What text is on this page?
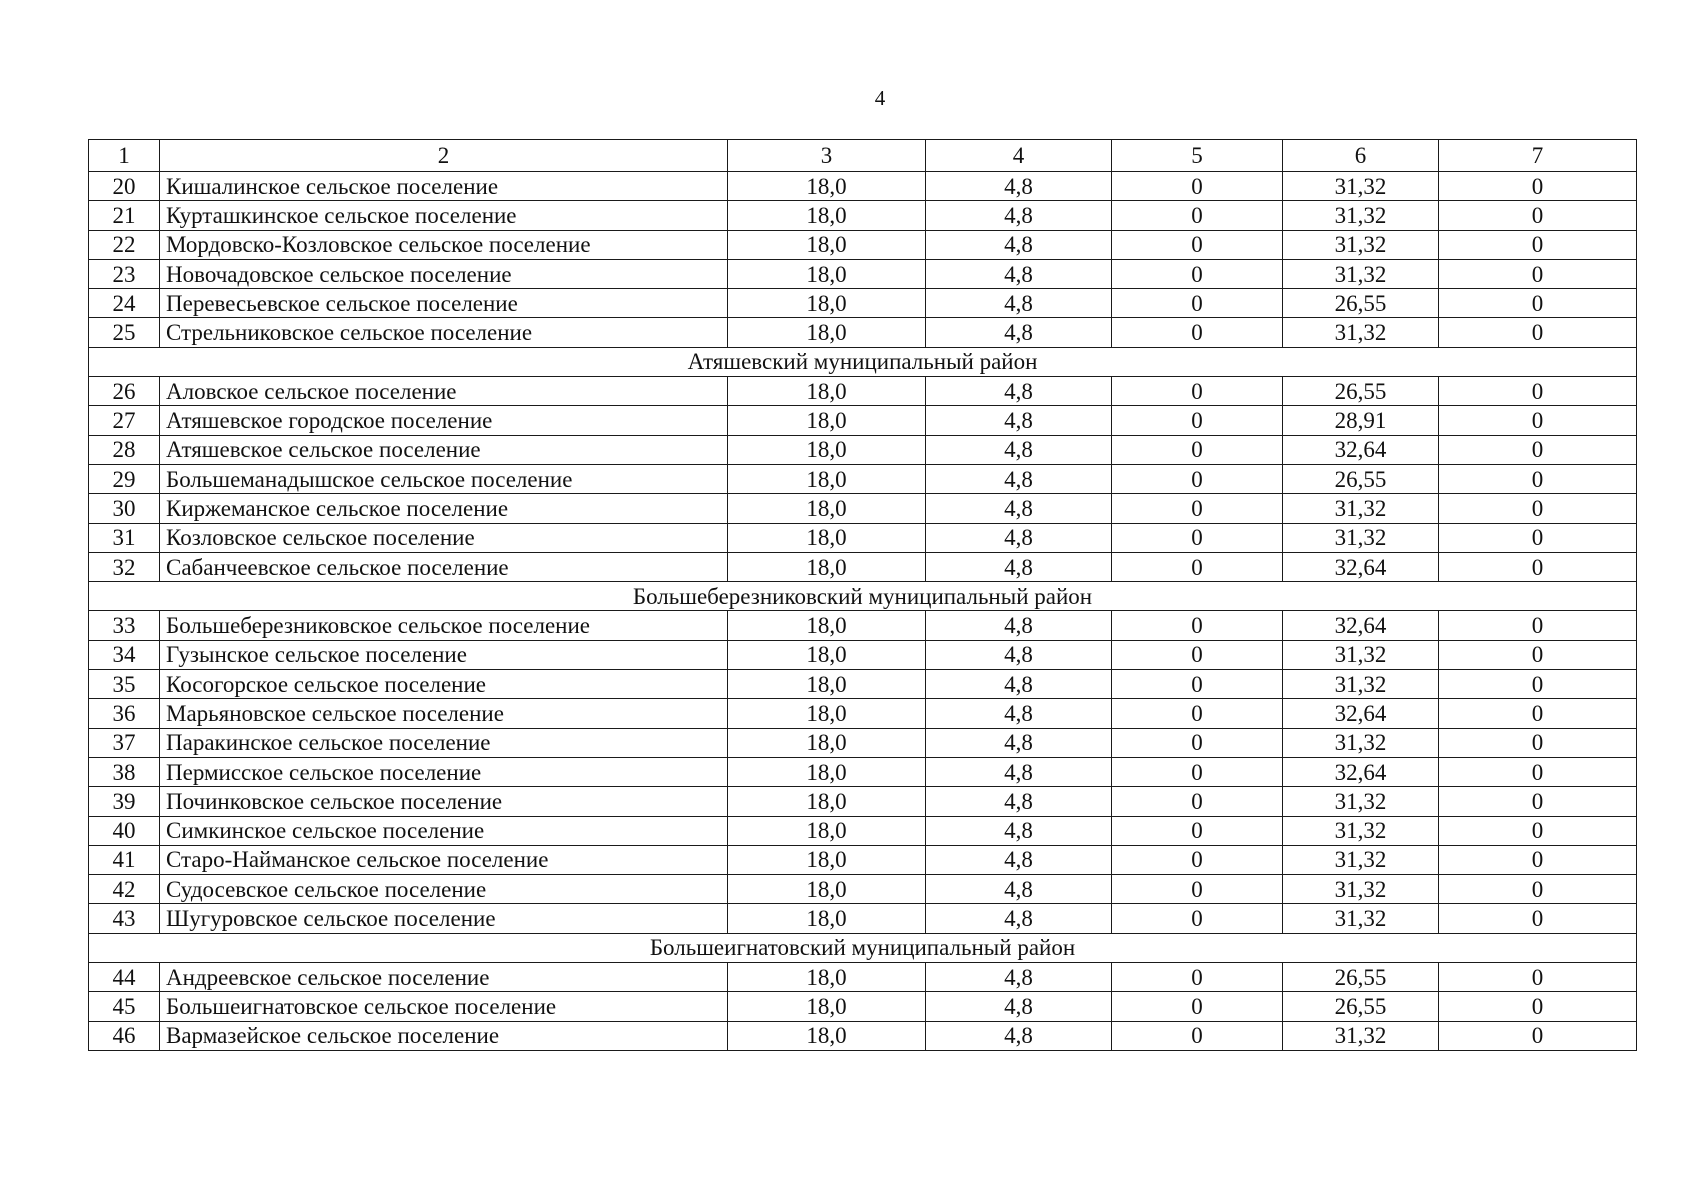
4
1	2	3	4	5	6	7
20	Кишалинское сельское поселение	18,0	4,8	0	31,32	0
21	Курташкинское сельское поселение	18,0	4,8	0	31,32	0
22	Мордовско-Козловское сельское поселение	18,0	4,8	0	31,32	0
23	Новочадовское сельское поселение	18,0	4,8	0	31,32	0
24	Перевесьевское сельское поселение	18,0	4,8	0	26,55	0
25	Стрельниковское сельское поселение	18,0	4,8	0	31,32	0
Атяшевский муниципальный район						
26	Аловское сельское поселение	18,0	4,8	0	26,55	0
27	Атяшевское городское поселение	18,0	4,8	0	28,91	0
28	Атяшевское сельское поселение	18,0	4,8	0	32,64	0
29	Большеманадышское сельское поселение	18,0	4,8	0	26,55	0
30	Киржеманское сельское поселение	18,0	4,8	0	31,32	0
31	Козловское сельское поселение	18,0	4,8	0	31,32	0
32	Сабанчеевское сельское поселение	18,0	4,8	0	32,64	0
Большеберезниковский муниципальный район						
33	Большеберезниковское сельское поселение	18,0	4,8	0	32,64	0
34	Гузынское сельское поселение	18,0	4,8	0	31,32	0
35	Косогорское сельское поселение	18,0	4,8	0	31,32	0
36	Марьяновское сельское поселение	18,0	4,8	0	32,64	0
37	Паракинское сельское поселение	18,0	4,8	0	31,32	0
38	Пермисское сельское поселение	18,0	4,8	0	32,64	0
39	Починковское сельское поселение	18,0	4,8	0	31,32	0
40	Симкинское сельское поселение	18,0	4,8	0	31,32	0
41	Старо-Найманское сельское поселение	18,0	4,8	0	31,32	0
42	Судосевское сельское поселение	18,0	4,8	0	31,32	0
43	Шугуровское сельское поселение	18,0	4,8	0	31,32	0
Большеигнатовский муниципальный район						
44	Андреевское сельское поселение	18,0	4,8	0	26,55	0
45	Большеигнатовское сельское поселение	18,0	4,8	0	26,55	0
46	Вармазейское сельское поселение	18,0	4,8	0	31,32	0
